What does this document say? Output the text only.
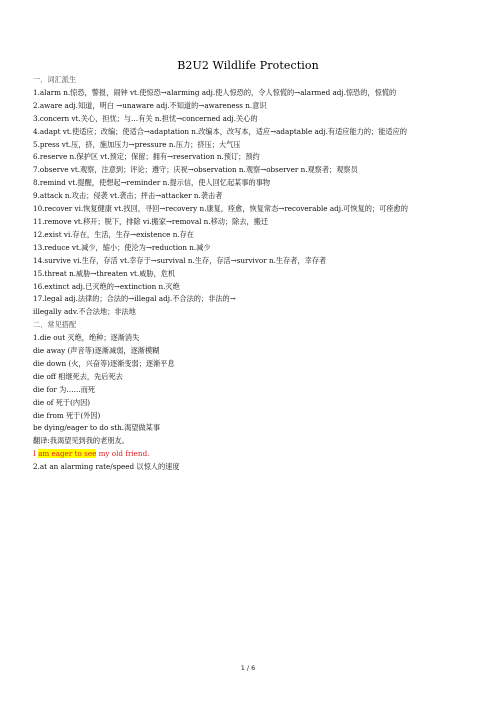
B2U2 Wildlife Protection
一．词汇派生
1.alarm n.惊恐，警报，闹钟 vt.使惊恐→alarming adj.使人惊恐的，令人惊慌的→alarmed adj.惊恐的，惊慌的
2.aware adj.知道，明白 →unaware adj.不知道的→awareness n.意识
3.concern vt.关心，担忧；与…有关 n.担忧→concerned adj.关心的
4.adapt vt.使适应；改编；使适合→adaptation n.改编本，改写本，适应→adaptable adj.有适应能力的；能适应的
5.press vt.压，挤，施加压力→pressure n.压力；挤压；大气压
6.reserve n.保护区 vt.预定；保留；拥有→reservation n.预订；预约
7.observe vt.观察，注意到；评论；遵守；庆祝→observation n.观察→observer n.观察者；观察员
8.remind vt.提醒，使想起→reminder n.提示信，使人回忆起某事的事物
9.attack n.攻击；侵袭 vt.袭击；抨击→attacker n.袭击者
10.recover vi.恢复健康 vt.找回，寻回→recovery n.康复，痊愈，恢复常态→recoverable adj.可恢复的；可痊愈的
11.remove vt.移开；脱下，排除 vi.搬家→removal n.移动；除去，搬迁
12.exist vi.存在，生活，生存→existence n.存在
13.reduce vt.减少，缩小；使沦为→reduction n.减少
14.survive vi.生存，存活 vt.幸存于→survival n.生存，存活→survivor n.生存者，幸存者
15.threat n.威胁→threaten vt.威胁，危机
16.extinct adj.已灭绝的→extinction n.灭绝
17.legal adj.法律的；合法的→illegal adj.不合法的；非法的→
illegally adv.不合法地；非法地
二．常见搭配
1.die out 灭绝，绝种；逐渐消失
die away (声音等)逐渐减弱，逐渐模糊
die down (火，兴奋等)逐渐变弱；逐渐平息
die off 相继死去，先后死去
die for 为……而死
die of 死于(内因)
die from 死于(外因)
be dying/eager to do sth.渴望做某事
翻译:我渴望见到我的老朋友。
I am eager to see my old friend.
2.at an alarming rate/speed 以惊人的速度
1 / 6
